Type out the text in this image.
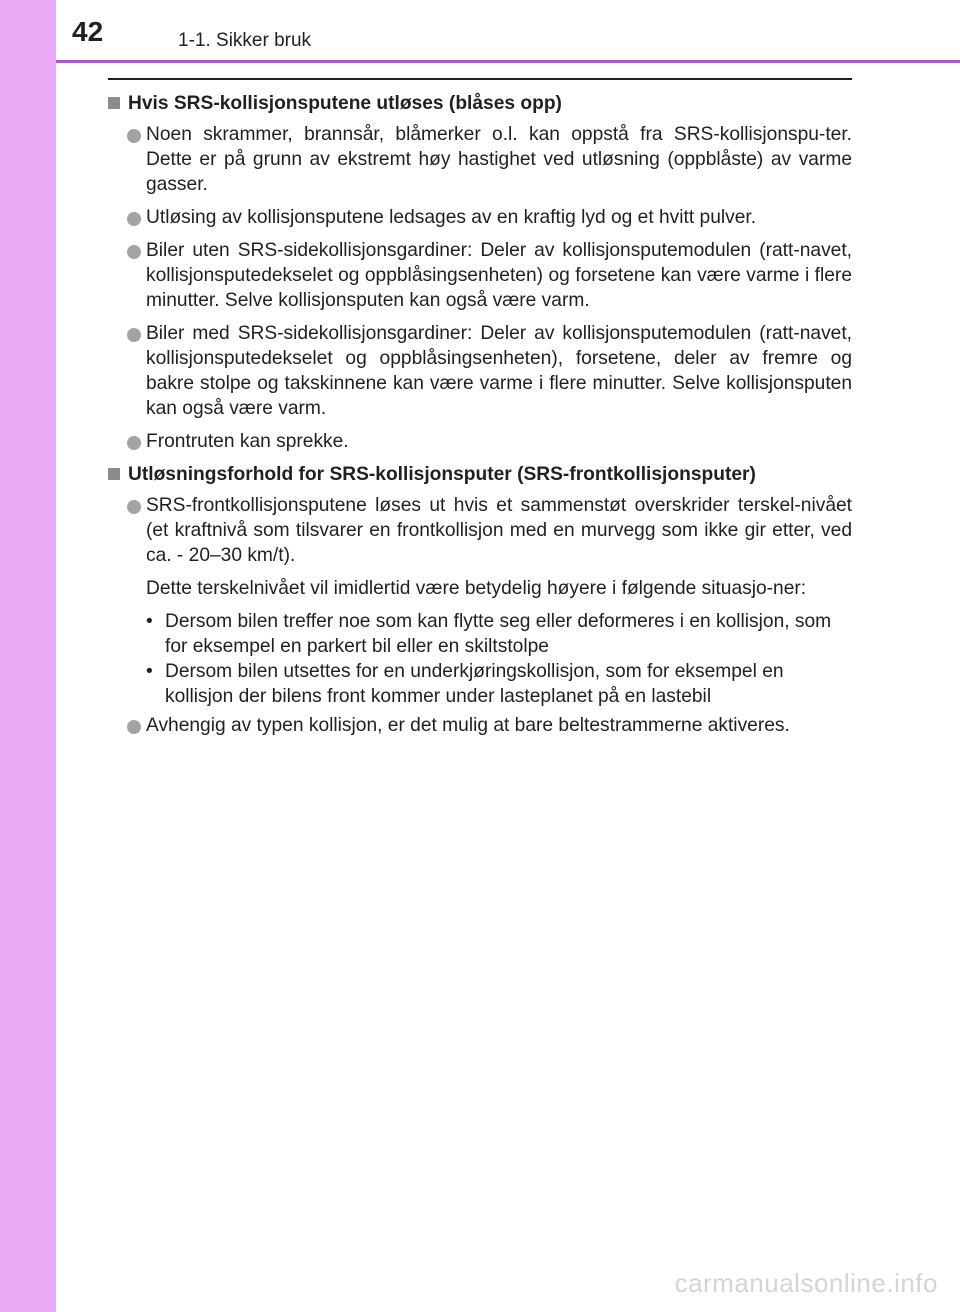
42	1-1. Sikker bruk
Hvis SRS-kollisjonsputene utløses (blåses opp)
Noen skrammer, brannsår, blåmerker o.l. kan oppstå fra SRS-kollisjonspu-ter. Dette er på grunn av ekstremt høy hastighet ved utløsning (oppblåste) av varme gasser.
Utløsing av kollisjonsputene ledsages av en kraftig lyd og et hvitt pulver.
Biler uten SRS-sidekollisjonsgardiner: Deler av kollisjonsputemodulen (ratt-navet, kollisjonsputedekselet og oppblåsingsenheten) og forsetene kan være varme i flere minutter. Selve kollisjonsputen kan også være varm.
Biler med SRS-sidekollisjonsgardiner: Deler av kollisjonsputemodulen (ratt-navet, kollisjonsputedekselet og oppblåsingsenheten), forsetene, deler av fremre og bakre stolpe og takskinnene kan være varme i flere minutter. Selve kollisjonsputen kan også være varm.
Frontruten kan sprekke.
Utløsningsforhold for SRS-kollisjonsputer (SRS-frontkollisjonsputer)
SRS-frontkollisjonsputene løses ut hvis et sammenstøt overskrider terskel-nivået (et kraftnivå som tilsvarer en frontkollisjon med en murvegg som ikke gir etter, ved ca. - 20–30 km/t).
Dette terskelnivået vil imidlertid være betydelig høyere i følgende situasjo-ner:
• Dersom bilen treffer noe som kan flytte seg eller deformeres i en kollisjon, som for eksempel en parkert bil eller en skiltstolpe
• Dersom bilen utsettes for en underkjøringskollisjon, som for eksempel en kollisjon der bilens front kommer under lasteplanet på en lastebil
Avhengig av typen kollisjon, er det mulig at bare beltestrammerne aktiveres.
carmanualsonline.info
